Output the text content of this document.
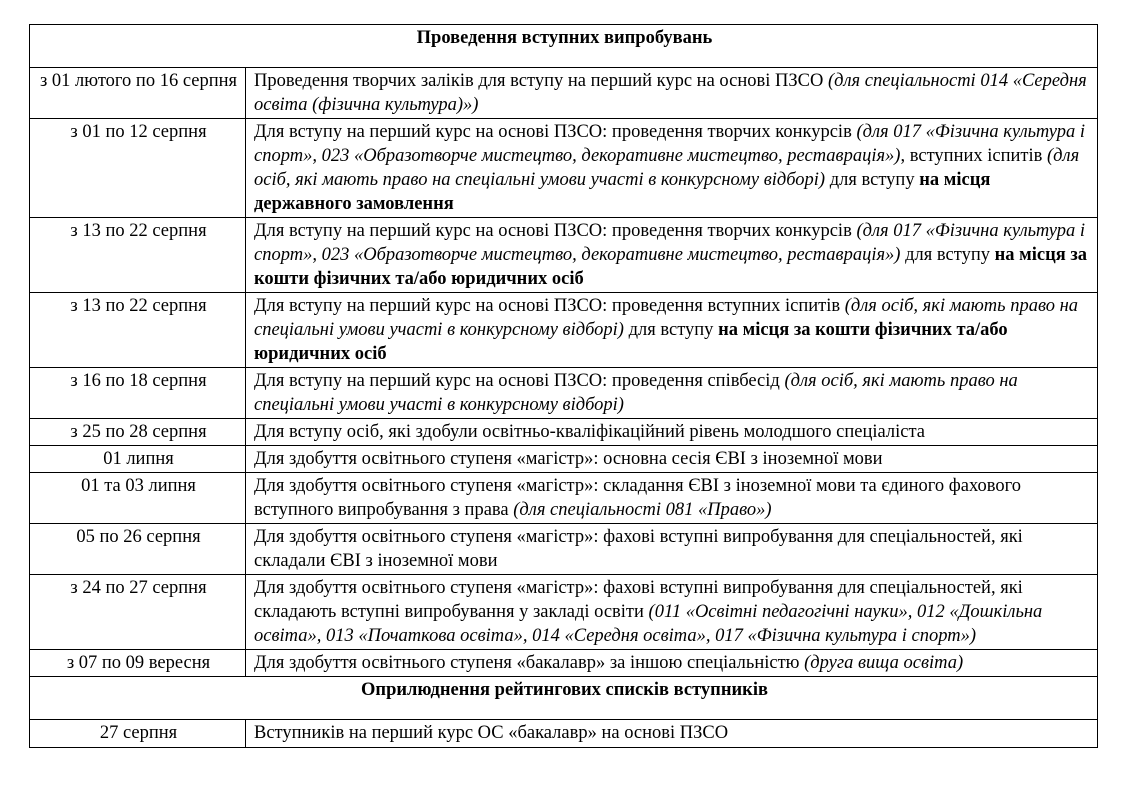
Проведення вступних випробувань	
з 01 лютого по 16 серпня	Проведення творчих заліків для вступу на перший курс на основі ПЗСО (для спеціальності 014 «Середня освіта (фізична культура)»)
з 01 по 12 серпня	Для вступу на перший курс на основі ПЗСО: проведення творчих конкурсів (для 017 «Фізична культура і спорт», 023 «Образотворче мистецтво, декоративне мистецтво, реставрація»), вступних іспитів (для осіб, які мають право на спеціальні умови участі в конкурсному відборі) для вступу на місця державного замовлення
з 13 по 22 серпня	Для вступу на перший курс на основі ПЗСО: проведення творчих конкурсів (для 017 «Фізична культура і спорт», 023 «Образотворче мистецтво, декоративне мистецтво, реставрація») для вступу на місця за кошти фізичних та/або юридичних осіб
з 13 по 22 серпня	Для вступу на перший курс на основі ПЗСО: проведення вступних іспитів (для осіб, які мають право на спеціальні умови участі в конкурсному відборі) для вступу на місця за кошти фізичних та/або юридичних осіб
з 16 по 18 серпня	Для вступу на перший курс на основі ПЗСО: проведення співбесід (для осіб, які мають право на спеціальні умови участі в конкурсному відборі)
з 25 по 28 серпня	Для вступу осіб, які здобули освітньо-кваліфікаційний рівень молодшого спеціаліста
01 липня	Для здобуття освітнього ступеня «магістр»: основна сесія ЄВІ з іноземної мови
01 та 03 липня	Для здобуття освітнього ступеня «магістр»: складання ЄВІ з іноземної мови та єдиного фахового вступного випробування з права (для спеціальності 081 «Право»)
05 по 26 серпня	Для здобуття освітнього ступеня «магістр»: фахові вступні випробування для спеціальностей, які складали ЄВІ з іноземної мови
з 24 по 27 серпня	Для здобуття освітнього ступеня «магістр»: фахові вступні випробування для спеціальностей, які складають вступні випробування у закладі освіти (011 «Освітні педагогічні науки», 012 «Дошкільна освіта», 013 «Початкова освіта», 014 «Середня освіта», 017 «Фізична культура і спорт»)
з 07 по 09 вересня	Для здобуття освітнього ступеня «бакалавр» за іншою спеціальністю (друга вища освіта)
Оприлюднення рейтингових списків вступників	
27 серпня	Вступників на перший курс ОС «бакалавр» на основі ПЗСО
